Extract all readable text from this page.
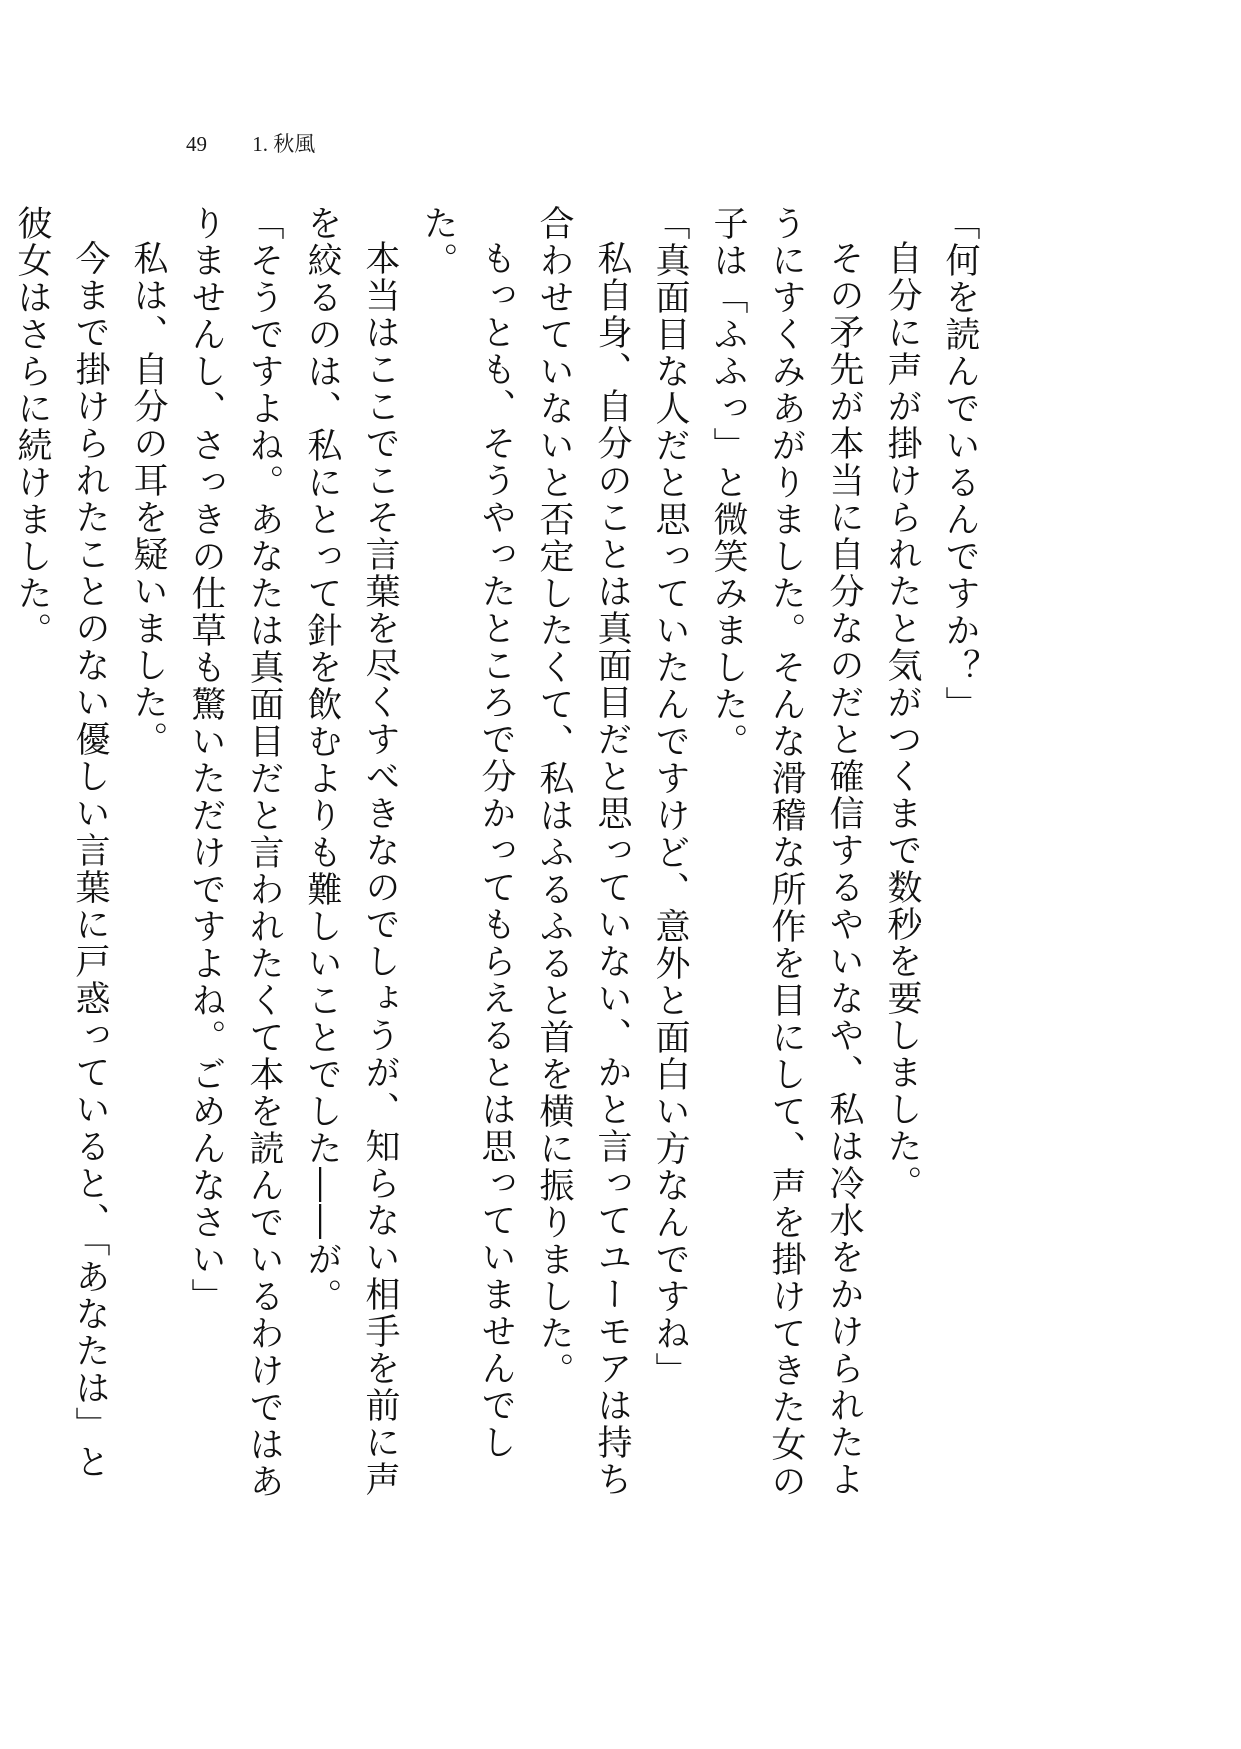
49 1. 秋風

「何を読んでいるんですか？」

自分に声が掛けられたと気がつくまで数秒を要しました。

その矛先が本当に自分なのだと確信するやいなや、私は冷水をかけられたようにすくみあがりました。そんな滑稽な所作を目にして、声を掛けてきた女の子は「ふふっ」と微笑みました。

「真面目な人だと思っていたんですけど、意外と面白い方なんですね」

私自身、自分のことは真面目だと思っていない、かと言ってユーモアは持ち合わせていないと否定したくて、私はふるふると首を横に振りました。

もっとも、そうやったところで分かってもらえるとは思っていませんでした。

本当はここでこそ言葉を尽くすべきなのでしょうが、知らない相手を前に声を絞るのは、私にとって針を飲むよりも難しいことでした――が。

「そうですよね。あなたは真面目だと言われたくて本を読んでいるわけではありませんし、さっきの仕草も驚いただけですよね。ごめんなさい」

私は、自分の耳を疑いました。

今まで掛けられたことのない優しい言葉に戸惑っていると、「あなたは」と彼女はさらに続けました。
